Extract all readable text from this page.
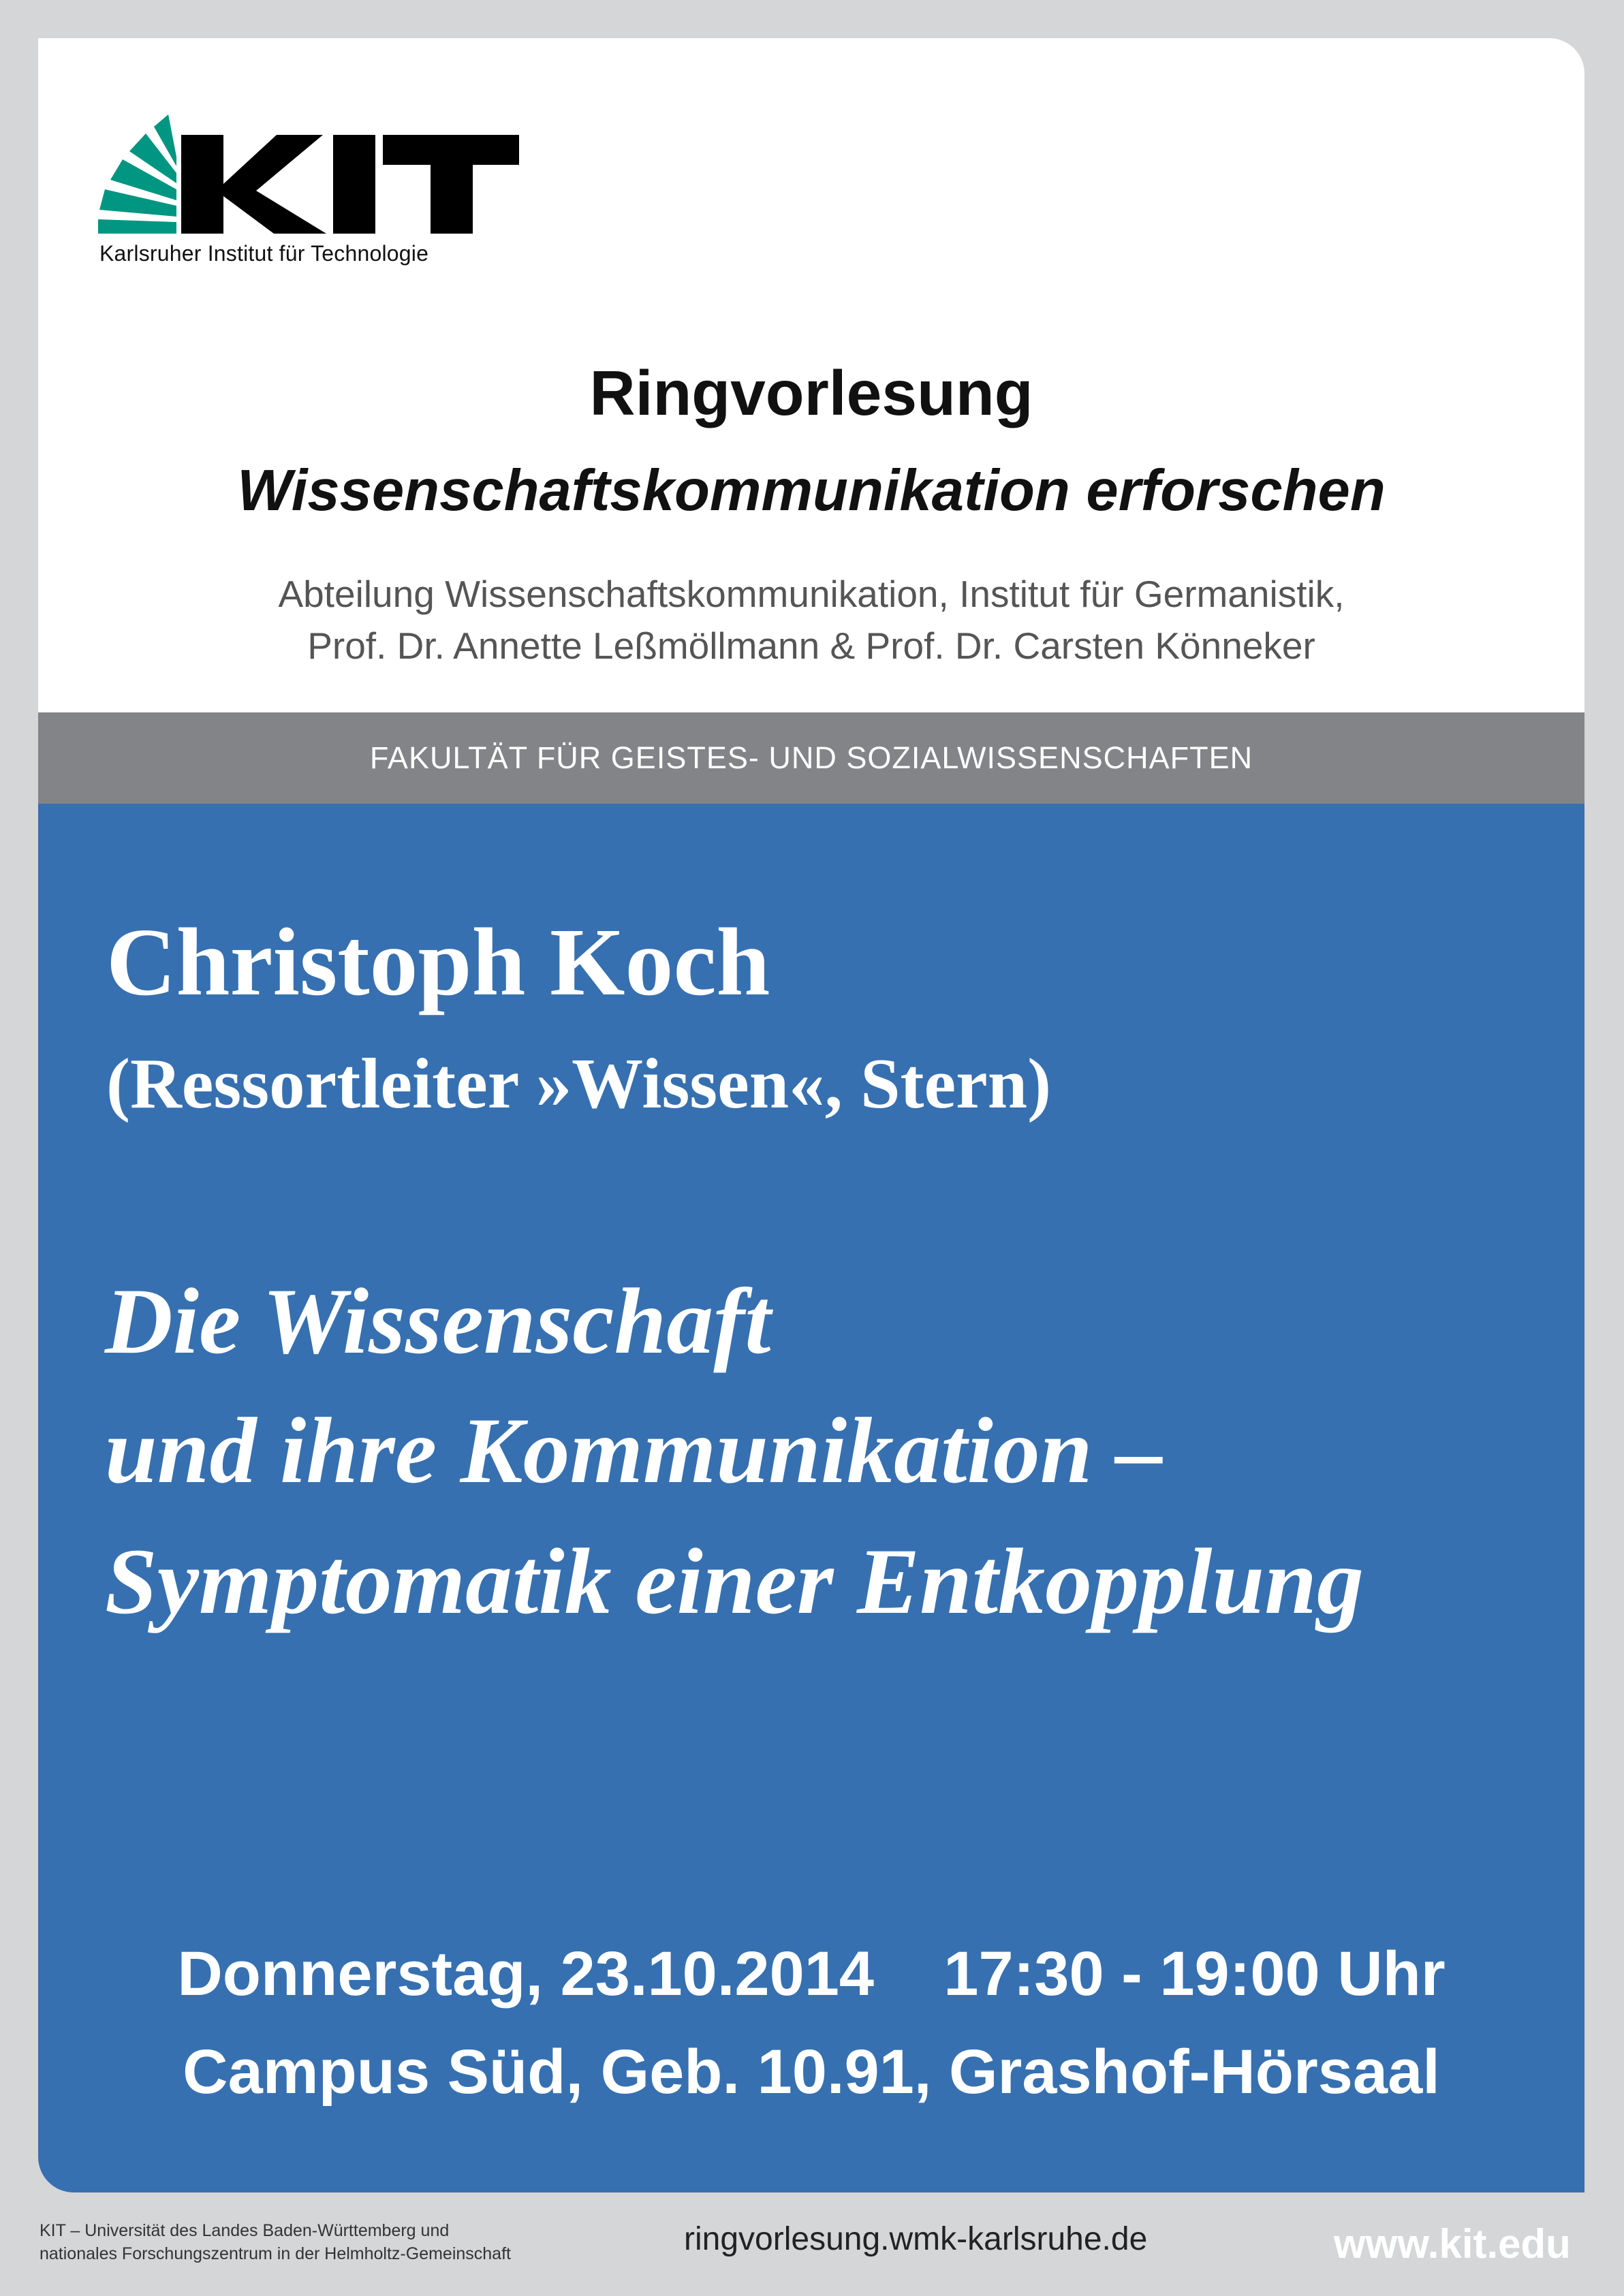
Karlsruher Institut für Technologie
Ringvorlesung
Wissenschaftskommunikation erforschen
Abteilung Wissenschaftskommunikation, Institut für Germanistik,
Prof. Dr. Annette Leßmöllmann & Prof. Dr. Carsten Könneker
FAKULTÄT FÜR GEISTES- UND SOZIALWISSENSCHAFTEN
Christoph Koch
(Ressortleiter »Wissen«, Stern)
Die Wissenschaft
und ihre Kommunikation –
Symptomatik einer Entkopplung
Donnerstag, 23.10.2014    17:30 - 19:00 Uhr
Campus Süd, Geb. 10.91, Grashof-Hörsaal
KIT – Universität des Landes Baden-Württemberg und
nationales Forschungszentrum in der Helmholtz-Gemeinschaft	ringvorlesung.wmk-karlsruhe.de	www.kit.edu
